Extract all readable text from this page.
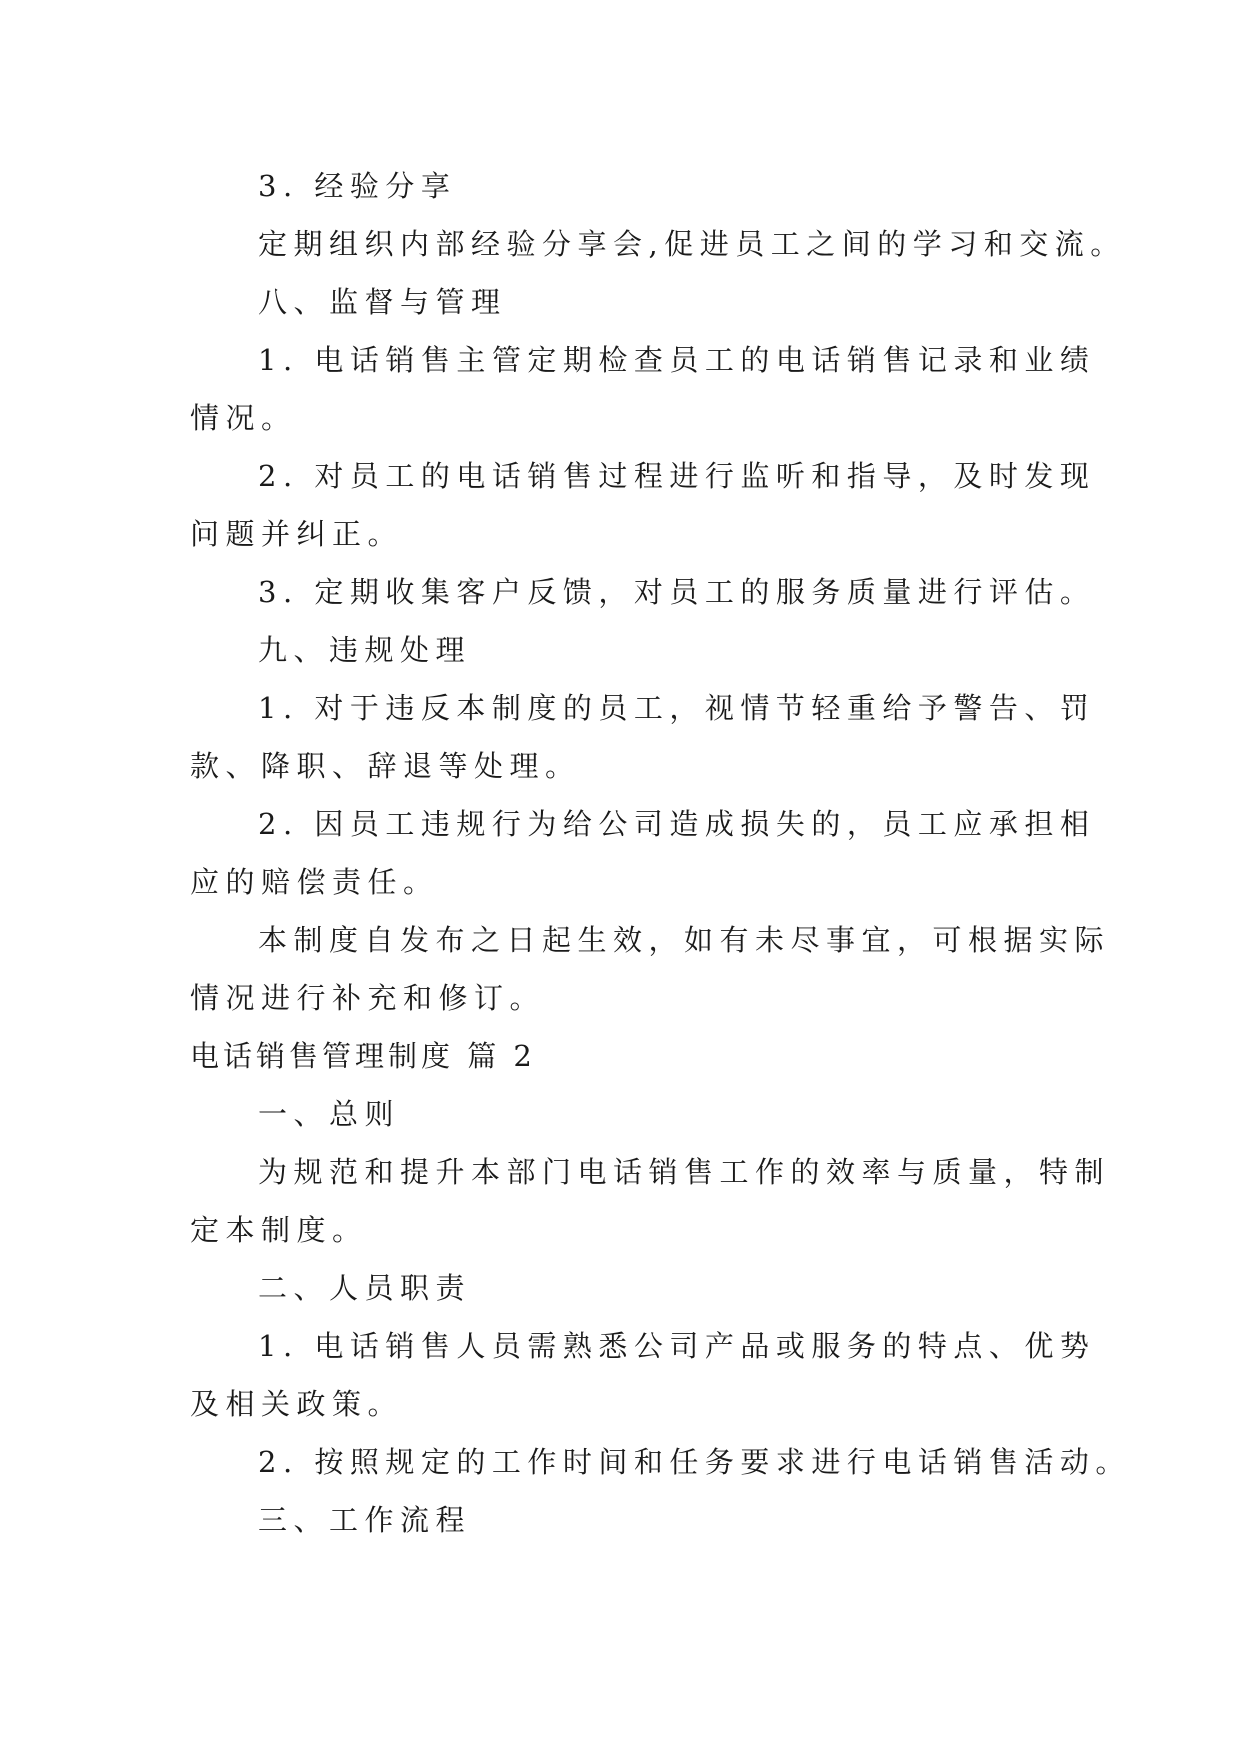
3. 经验分享
定期组织内部经验分享会,促进员工之间的学习和交流。
八、监督与管理
1. 电话销售主管定期检查员工的电话销售记录和业绩
情况。
2. 对员工的电话销售过程进行监听和指导，及时发现
问题并纠正。
3. 定期收集客户反馈，对员工的服务质量进行评估。
九、违规处理
1. 对于违反本制度的员工，视情节轻重给予警告、罚
款、降职、辞退等处理。
2. 因员工违规行为给公司造成损失的，员工应承担相
应的赔偿责任。
本制度自发布之日起生效，如有未尽事宜，可根据实际
情况进行补充和修订。
电话销售管理制度 篇 2
一、总则
为规范和提升本部门电话销售工作的效率与质量，特制
定本制度。
二、人员职责
1. 电话销售人员需熟悉公司产品或服务的特点、优势
及相关政策。
2. 按照规定的工作时间和任务要求进行电话销售活动。
三、工作流程
